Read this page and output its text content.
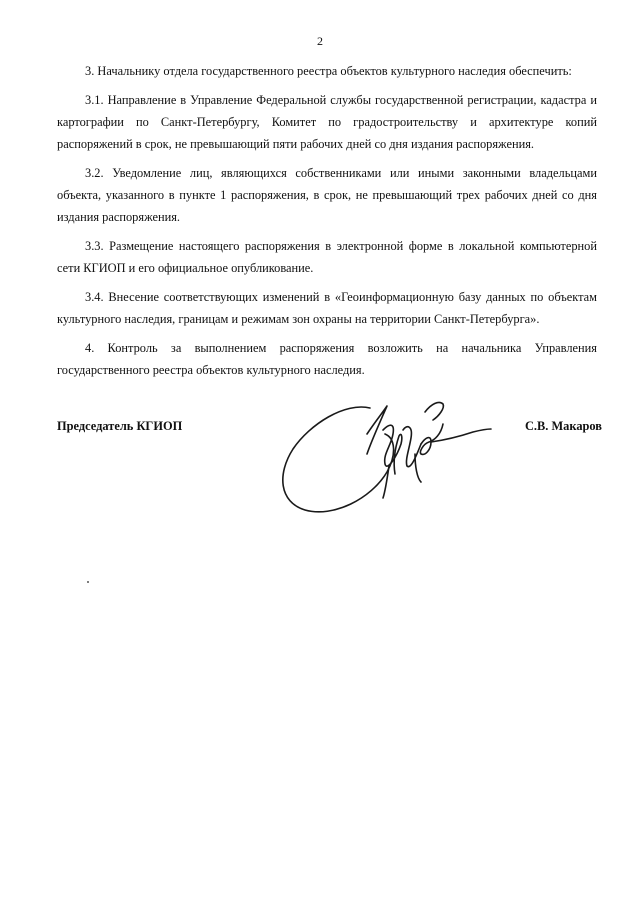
2

3. Начальнику отдела государственного реестра объектов культурного наследия обеспечить:

3.1. Направление в Управление Федеральной службы государственной регистрации, кадастра и картографии по Санкт-Петербургу, Комитет по градостроительству и архитектуре копий распоряжений в срок, не превышающий пяти рабочих дней со дня издания распоряжения.

3.2. Уведомление лиц, являющихся собственниками или иными законными владельцами объекта, указанного в пункте 1 распоряжения, в срок, не превышающий трех рабочих дней со дня издания распоряжения.

3.3. Размещение настоящего распоряжения в электронной форме в локальной компьютерной сети КГИОП и его официальное опубликование.

3.4. Внесение соответствующих изменений в «Геоинформационную базу данных по объектам культурного наследия, границам и режимам зон охраны на территории Санкт-Петербурга».

4. Контроль за выполнением распоряжения возложить на начальника Управления государственного реестра объектов культурного наследия.

Председатель КГИОП	С.В. Макаров
